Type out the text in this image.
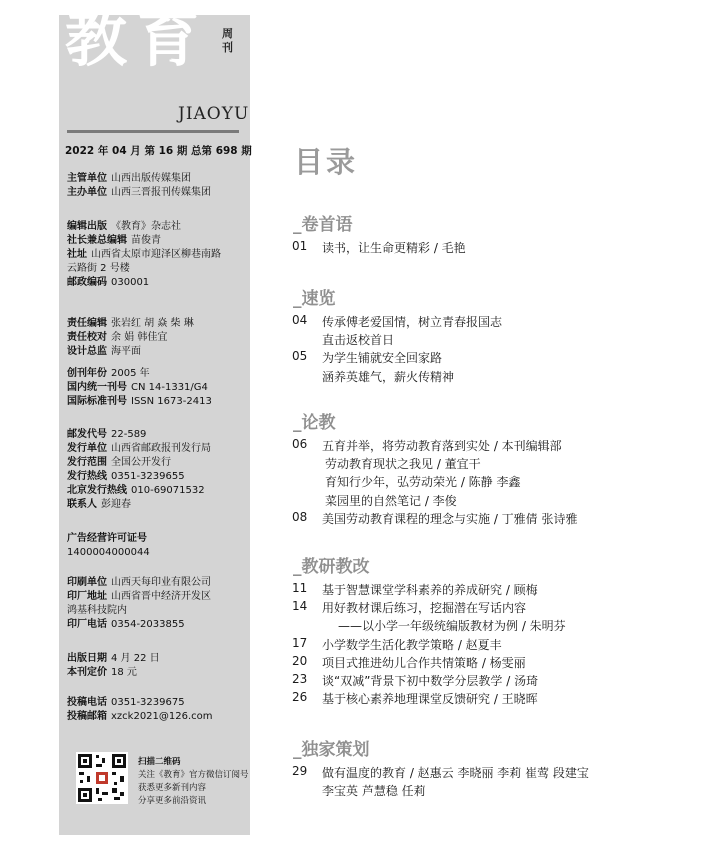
教育 周刊
JIAOYU
2022 年 04 月 第 16 期 总第 698 期
主管单位 山西出版传媒集团
主办单位 山西三晋报刊传媒集团
编辑出版 《教育》杂志社
社长兼总编辑 苗俊青
社址 山西省太原市迎泽区柳巷南路
云路街 2 号楼
邮政编码 030001
责任编辑 张岩红 胡 焱 柴 琳
责任校对 余 娟 韩佳宜
设计总监 海平面
创刊年份 2005 年
国内统一刊号 CN 14-1331/G4
国际标准刊号 ISSN 1673-2413
邮发代号 22-589
发行单位 山西省邮政报刊发行局
发行范围 全国公开发行
发行热线 0351-3239655
北京发行热线 010-69071532
联系人 彭迎春
广告经营许可证号
1400004000044
印刷单位 山西天每印业有限公司
印厂地址 山西省晋中经济开发区
鸿基科技院内
印厂电话 0354-2033855
出版日期 4 月 22 日
本刊定价 18 元
投稿电话 0351-3239675
投稿邮箱 xzck2021@126.com
扫描二维码
关注《教育》官方微信订阅号
获悉更多新刊内容
分享更多前沿资讯
目录
_卷首语
01 读书，让生命更精彩 / 毛艳
_速览
04 传承傅老爱国情，树立青春报国志
直击返校首日
05 为学生铺就安全回家路
涵养英雄气，薪火传精神
_论教
06 五育并举，将劳动教育落到实处 / 本刊编辑部
劳动教育现状之我见 / 董宜干
育知行少年，弘劳动荣光 / 陈静 李鑫
菜园里的自然笔记 / 李俊
08 美国劳动教育课程的理念与实施 / 丁雅倩 张诗雅
_教研教改
11 基于智慧课堂学科素养的养成研究 / 顾梅
14 用好教材课后练习，挖掘潜在写话内容
——以小学一年级统编版教材为例 / 朱明芬
17 小学数学生活化教学策略 / 赵夏丰
20 项目式推进幼儿合作共情策略 / 杨雯丽
23 谈“双减”背景下初中数学分层教学 / 汤琦
26 基于核心素养地理课堂反馈研究 / 王晓晖
_独家策划
29 做有温度的教育 / 赵惠云 李晓丽 李莉 崔莺 段建宝
李宝英 芦慧稳 任莉
